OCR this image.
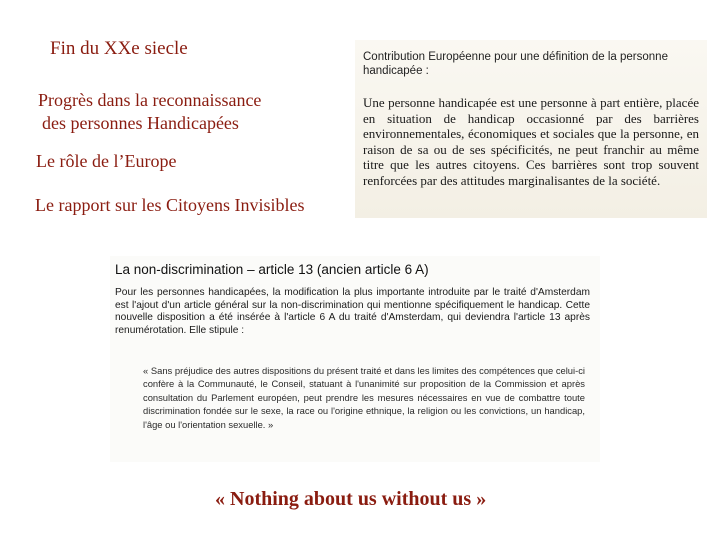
Fin du XXe siecle
Progrès dans la reconnaissance
des personnes Handicapées
Le rôle de l’Europe
Le rapport sur les Citoyens Invisibles
Contribution Européenne pour une définition de la personne handicapée :
Une personne handicapée est une personne à part entière, placée en situation de handicap occasionné par des barrières environnementales, économiques et sociales que la personne, en raison de sa ou de ses spécificités, ne peut franchir au même titre que les autres citoyens. Ces barrières sont trop souvent renforcées par des attitudes marginalisantes de la société.
La non-discrimination – article 13 (ancien article 6 A)
Pour les personnes handicapées, la modification la plus importante introduite par le traité d'Amsterdam est l'ajout d'un article général sur la non-discrimination qui mentionne spécifiquement le handicap. Cette nouvelle disposition a été insérée à l'article 6 A du traité d'Amsterdam, qui deviendra l'article 13 après renumérotation. Elle stipule :
« Sans préjudice des autres dispositions du présent traité et dans les limites des compétences que celui-ci confère à la Communauté, le Conseil, statuant à l'unanimité sur proposition de la Commission et après consultation du Parlement européen, peut prendre les mesures nécessaires en vue de combattre toute discrimination fondée sur le sexe, la race ou l'origine ethnique, la religion ou les convictions, un handicap, l'âge ou l'orientation sexuelle. »
« Nothing about us without us »
